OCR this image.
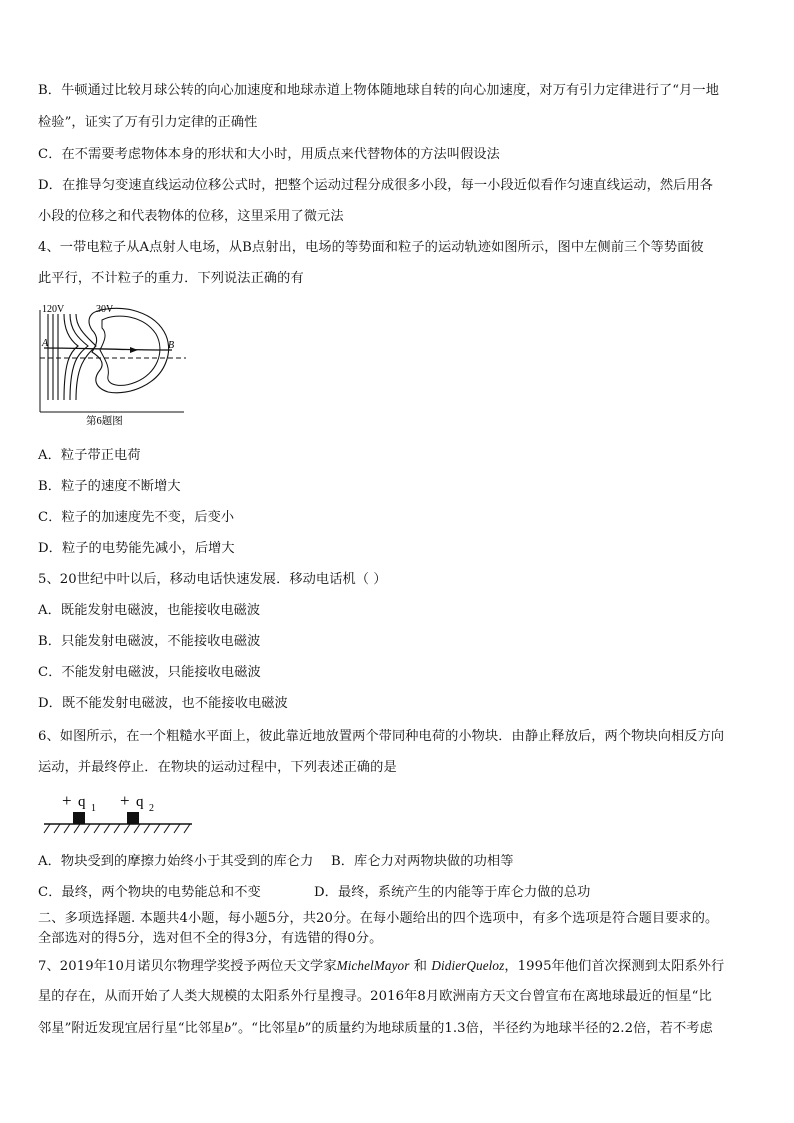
B．牛顿通过比较月球公转的向心加速度和地球赤道上物体随地球自转的向心加速度，对万有引力定律进行了“月一地
检验”，证实了万有引力定律的正确性
C．在不需要考虑物体本身的形状和大小时，用质点来代替物体的方法叫假设法
D．在推导匀变速直线运动位移公式时，把整个运动过程分成很多小段，每一小段近似看作匀速直线运动，然后用各
小段的位移之和代表物体的位移，这里采用了微元法
4、一带电粒子从A点射人电场，从B点射出，电场的等势面和粒子的运动轨迹如图所示，图中左侧前三个等势面彼
此平行，不计粒子的重力．下列说法正确的有
120V	30V
A	B
第6题图
A．粒子带正电荷
B．粒子的速度不断增大
C．粒子的加速度先不变，后变小
D．粒子的电势能先减小，后增大
5、20世纪中叶以后，移动电话快速发展．移动电话机（ ）
A．既能发射电磁波，也能接收电磁波
B．只能发射电磁波，不能接收电磁波
C．不能发射电磁波，只能接收电磁波
D．既不能发射电磁波，也不能接收电磁波
6、如图所示，在一个粗糙水平面上，彼此靠近地放置两个带同种电荷的小物块．由静止释放后，两个物块向相反方向
运动，并最终停止．在物块的运动过程中，下列表述正确的是
+ q 1 + q 2
A．物块受到的摩擦力始终小于其受到的库仑力　 B．库仑力对两物块做的功相等
C．最终，两个物块的电势能总和不变	D．最终，系统产生的内能等于库仑力做的总功
二、多项选择题. 本题共4小题，每小题5分，共20分。在每小题给出的四个选项中，有多个选项是符合题目要求的。
全部选对的得5分，选对但不全的得3分，有选错的得0分。
7、2019年10月诺贝尔物理学奖授予两位天文学家MichelMayor 和 DidierQueloz，1995年他们首次探测到太阳系外行
星的存在，从而开始了人类大规模的太阳系外行星搜寻。2016年8月欧洲南方天文台曾宣布在离地球最近的恒星“比
邻星”附近发现宜居行星“比邻星b”。“比邻星b”的质量约为地球质量的1.3倍，半径约为地球半径的2.2倍，若不考虑
